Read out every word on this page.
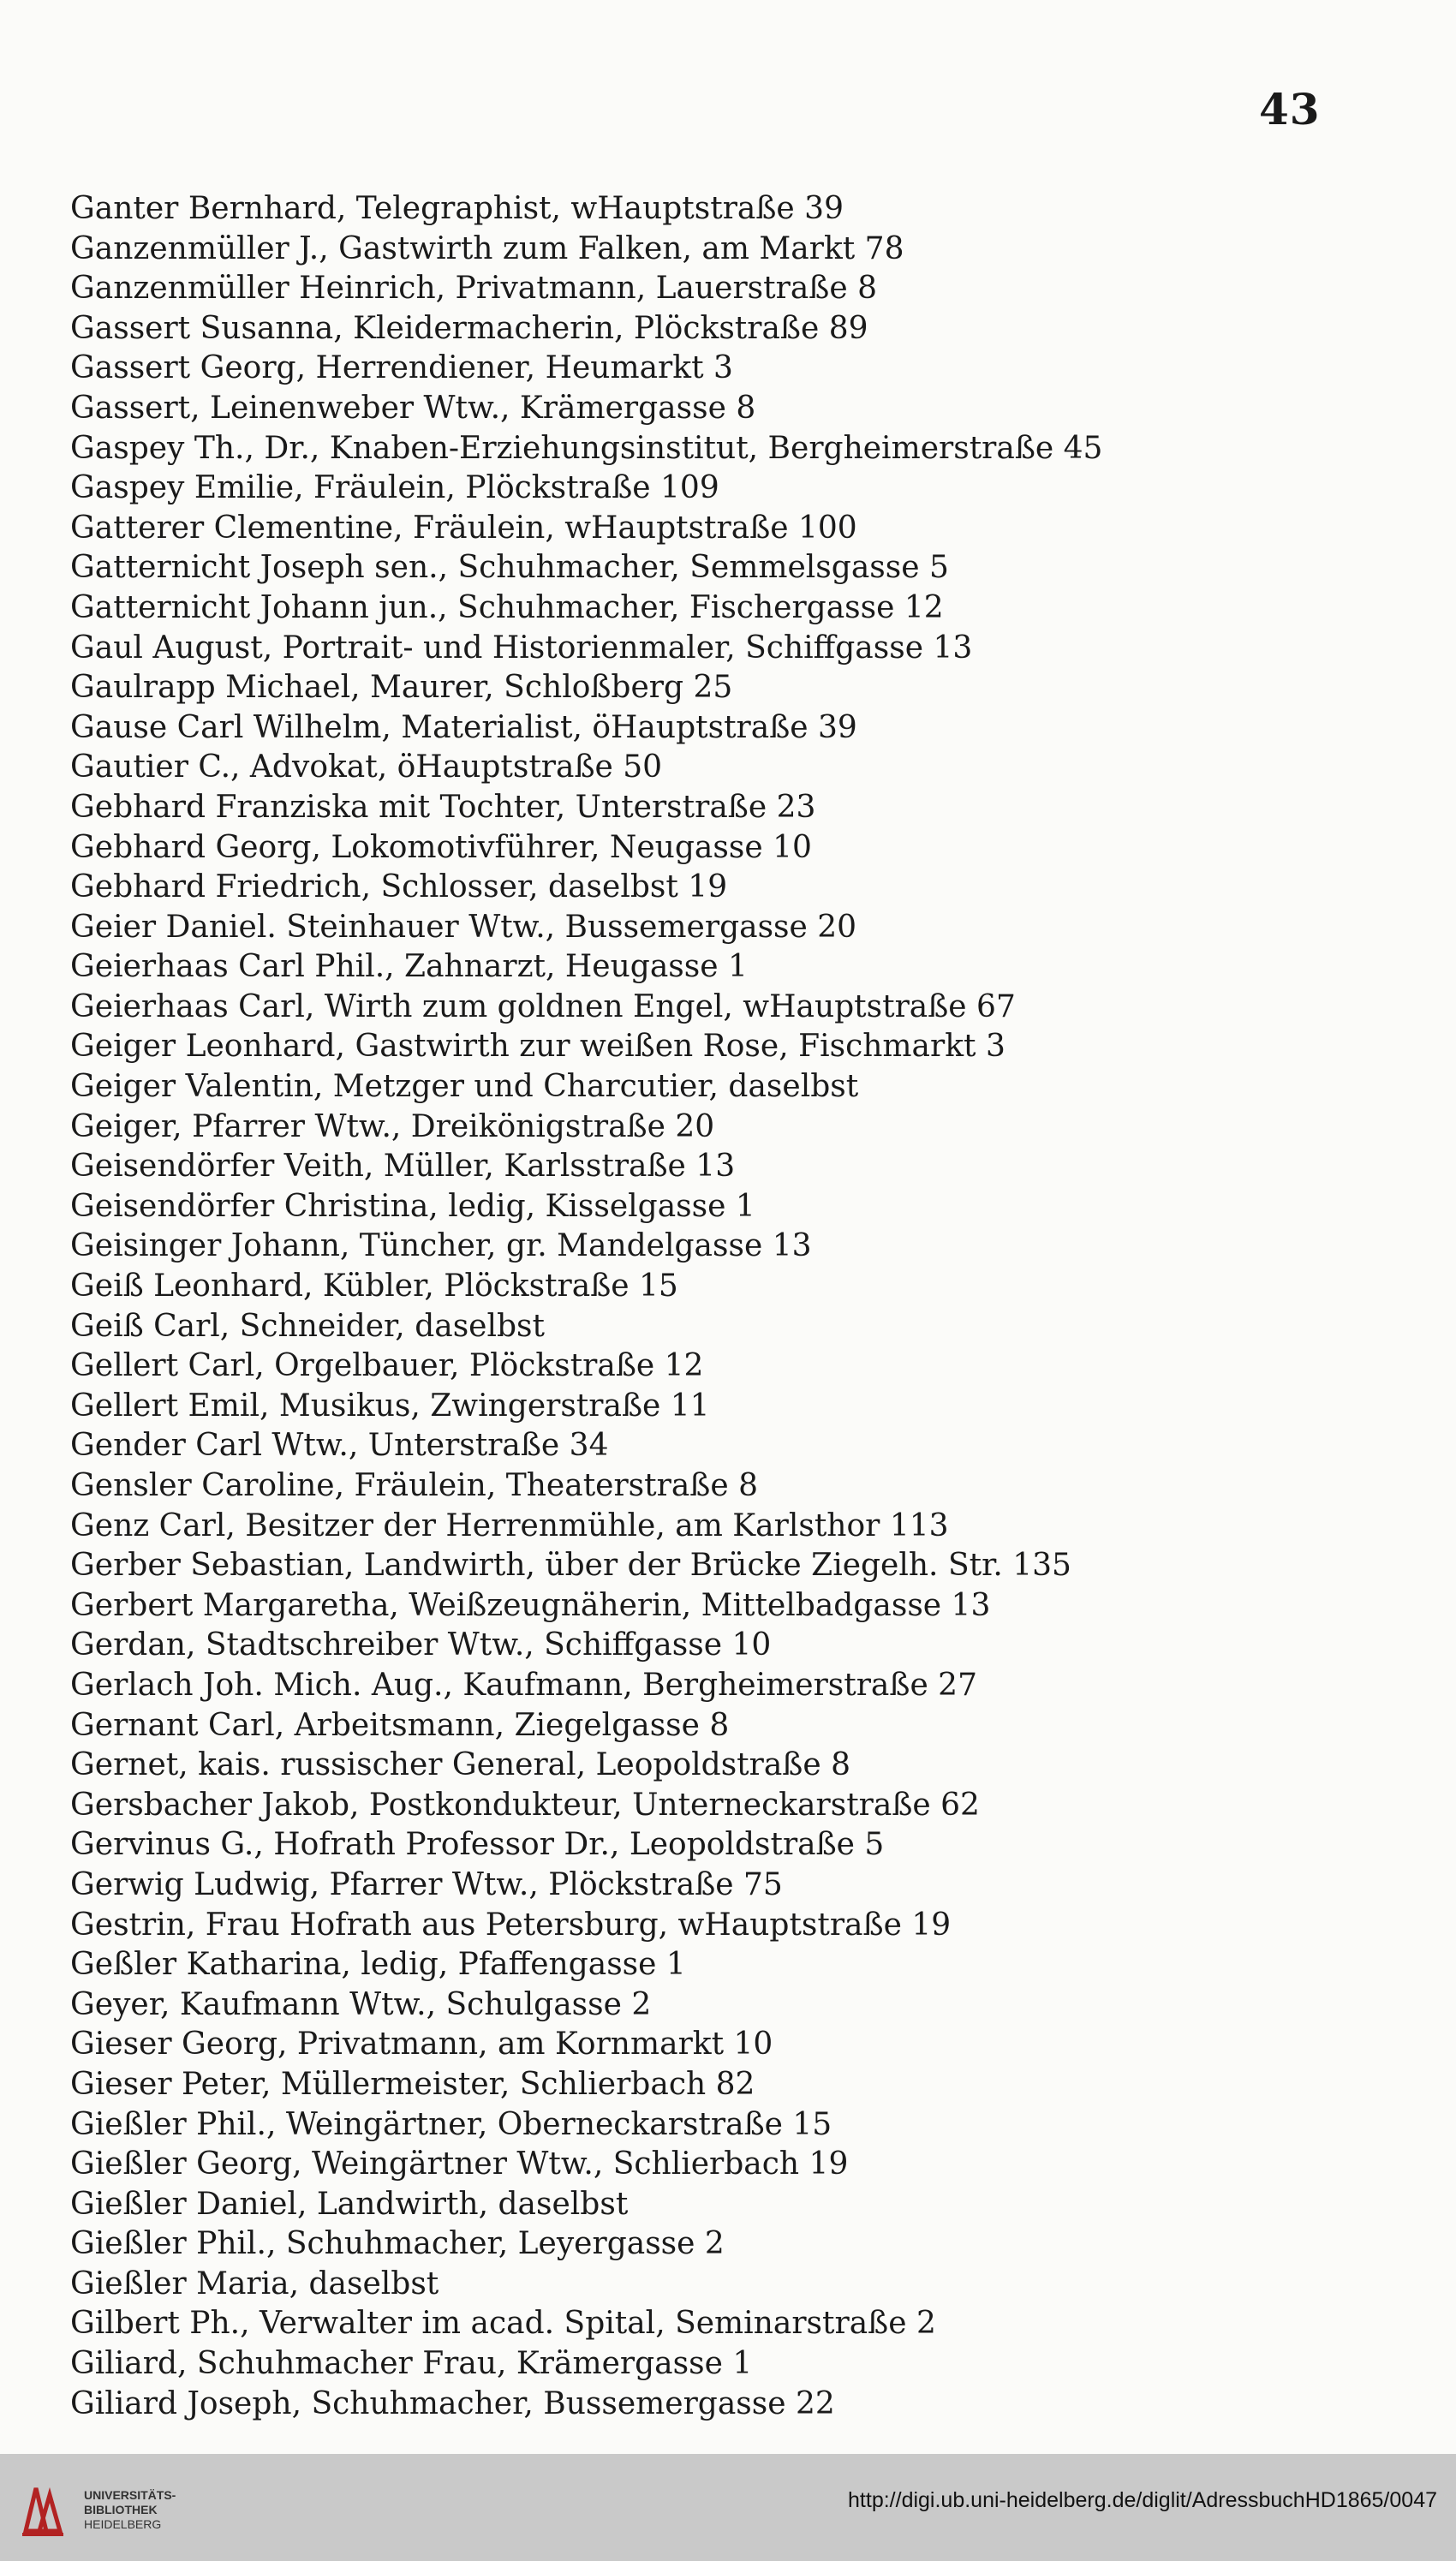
43
Ganter Bernhard, Telegraphist, wHauptstraße 39
Ganzenmüller J., Gastwirth zum Falken, am Markt 78
Ganzenmüller Heinrich, Privatmann, Lauerstraße 8
Gassert Susanna, Kleidermacherin, Plöckstraße 89
Gassert Georg, Herrendiener, Heumarkt 3
Gassert, Leinenweber Wtw., Krämergasse 8
Gaspey Th., Dr., Knaben-Erziehungsinstitut, Bergheimerstraße 45
Gaspey Emilie, Fräulein, Plöckstraße 109
Gatterer Clementine, Fräulein, wHauptstraße 100
Gatternicht Joseph sen., Schuhmacher, Semmelsgasse 5
Gatternicht Johann jun., Schuhmacher, Fischergasse 12
Gaul August, Portrait- und Historienmaler, Schiffgasse 13
Gaulrapp Michael, Maurer, Schloßberg 25
Gause Carl Wilhelm, Materialist, öHauptstraße 39
Gautier C., Advokat, öHauptstraße 50
Gebhard Franziska mit Tochter, Unterstraße 23
Gebhard Georg, Lokomotivführer, Neugasse 10
Gebhard Friedrich, Schlosser, daselbst 19
Geier Daniel. Steinhauer Wtw., Bussemergasse 20
Geierhaas Carl Phil., Zahnarzt, Heugasse 1
Geierhaas Carl, Wirth zum goldnen Engel, wHauptstraße 67
Geiger Leonhard, Gastwirth zur weißen Rose, Fischmarkt 3
Geiger Valentin, Metzger und Charcutier, daselbst
Geiger, Pfarrer Wtw., Dreikönigstraße 20
Geisendörfer Veith, Müller, Karlsstraße 13
Geisendörfer Christina, ledig, Kisselgasse 1
Geisinger Johann, Tüncher, gr. Mandelgasse 13
Geiß Leonhard, Kübler, Plöckstraße 15
Geiß Carl, Schneider, daselbst
Gellert Carl, Orgelbauer, Plöckstraße 12
Gellert Emil, Musikus, Zwingerstraße 11
Gender Carl Wtw., Unterstraße 34
Gensler Caroline, Fräulein, Theaterstraße 8
Genz Carl, Besitzer der Herrenmühle, am Karlsthor 113
Gerber Sebastian, Landwirth, über der Brücke Ziegelh. Str. 135
Gerbert Margaretha, Weißzeugnäherin, Mittelbadgasse 13
Gerdan, Stadtschreiber Wtw., Schiffgasse 10
Gerlach Joh. Mich. Aug., Kaufmann, Bergheimerstraße 27
Gernant Carl, Arbeitsmann, Ziegelgasse 8
Gernet, kais. russischer General, Leopoldstraße 8
Gersbacher Jakob, Postkondukteur, Unterneckarstraße 62
Gervinus G., Hofrath Professor Dr., Leopoldstraße 5
Gerwig Ludwig, Pfarrer Wtw., Plöckstraße 75
Gestrin, Frau Hofrath aus Petersburg, wHauptstraße 19
Geßler Katharina, ledig, Pfaffengasse 1
Geyer, Kaufmann Wtw., Schulgasse 2
Gieser Georg, Privatmann, am Kornmarkt 10
Gieser Peter, Müllermeister, Schlierbach 82
Gießler Phil., Weingärtner, Oberneckarstraße 15
Gießler Georg, Weingärtner Wtw., Schlierbach 19
Gießler Daniel, Landwirth, daselbst
Gießler Phil., Schuhmacher, Leyergasse 2
Gießler Maria, daselbst
Gilbert Ph., Verwalter im acad. Spital, Seminarstraße 2
Giliard, Schuhmacher Frau, Krämergasse 1
Giliard Joseph, Schuhmacher, Bussemergasse 22
UNIVERSITÄTS-
BIBLIOTHEK
HEIDELBERG
http://digi.ub.uni-heidelberg.de/diglit/AdressbuchHD1865/0047
